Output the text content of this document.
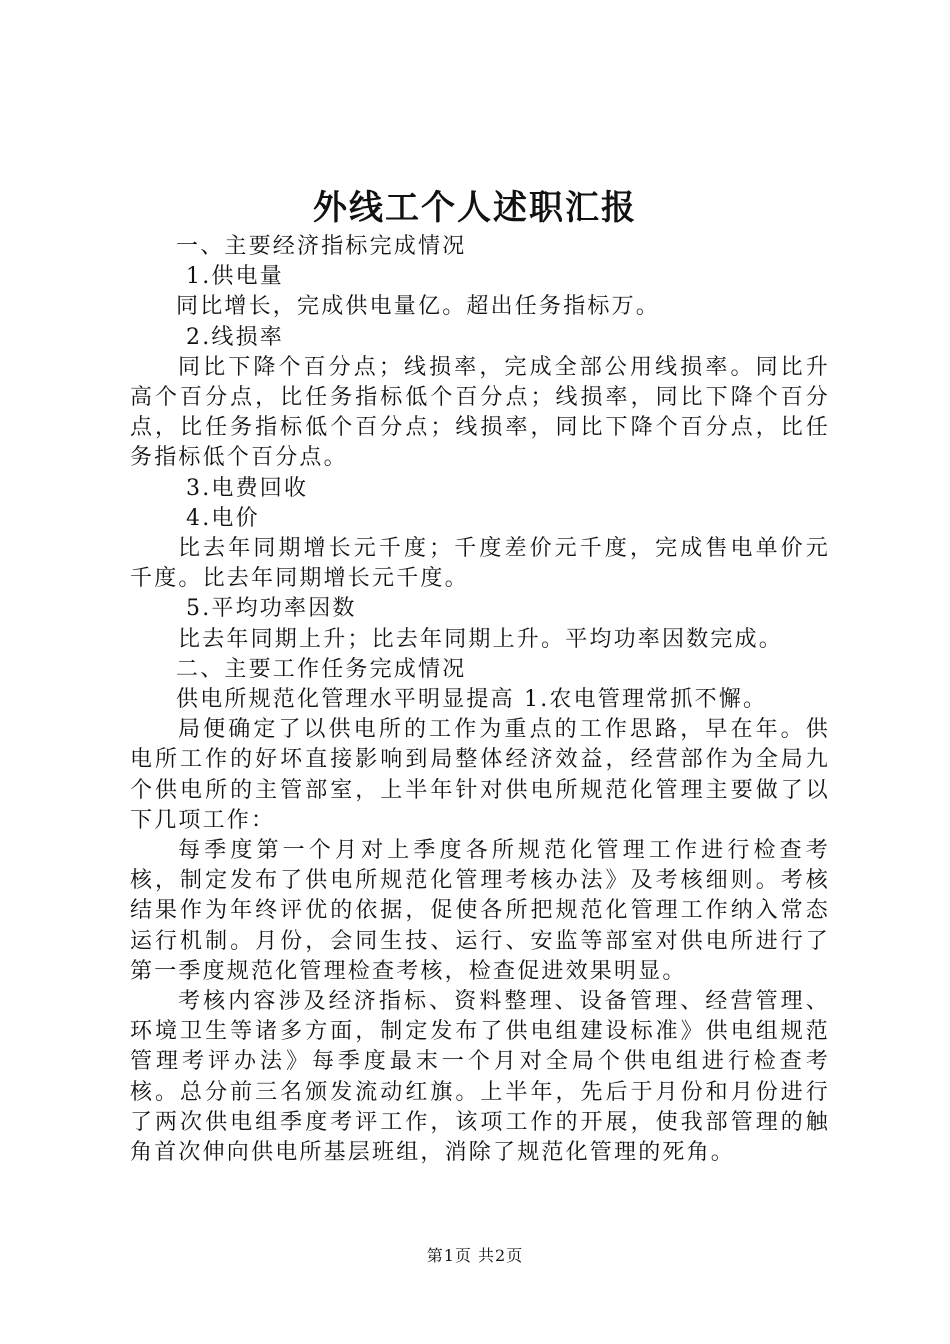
外线工个人述职汇报

一、主要经济指标完成情况

1.供电量

同比增长，完成供电量亿。超出任务指标万。

2.线损率

同比下降个百分点；线损率，完成全部公用线损率。同比升高个百分点，比任务指标低个百分点；线损率，同比下降个百分点，比任务指标低个百分点；线损率，同比下降个百分点，比任务指标低个百分点。

3.电费回收

4.电价

比去年同期增长元千度；千度差价元千度，完成售电单价元千度。比去年同期增长元千度。

5.平均功率因数

比去年同期上升；比去年同期上升。平均功率因数完成。

二、主要工作任务完成情况

供电所规范化管理水平明显提高 1.农电管理常抓不懈。

局便确定了以供电所的工作为重点的工作思路，早在年。供电所工作的好坏直接影响到局整体经济效益，经营部作为全局九个供电所的主管部室，上半年针对供电所规范化管理主要做了以下几项工作：

每季度第一个月对上季度各所规范化管理工作进行检查考核，制定发布了供电所规范化管理考核办法》及考核细则。考核结果作为年终评优的依据，促使各所把规范化管理工作纳入常态运行机制。月份，会同生技、运行、安监等部室对供电所进行了第一季度规范化管理检查考核，检查促进效果明显。

考核内容涉及经济指标、资料整理、设备管理、经营管理、环境卫生等诸多方面，制定发布了供电组建设标准》供电组规范管理考评办法》每季度最末一个月对全局个供电组进行检查考核。总分前三名颁发流动红旗。上半年，先后于月份和月份进行了两次供电组季度考评工作，该项工作的开展，使我部管理的触角首次伸向供电所基层班组，消除了规范化管理的死角。

第1页 共2页
